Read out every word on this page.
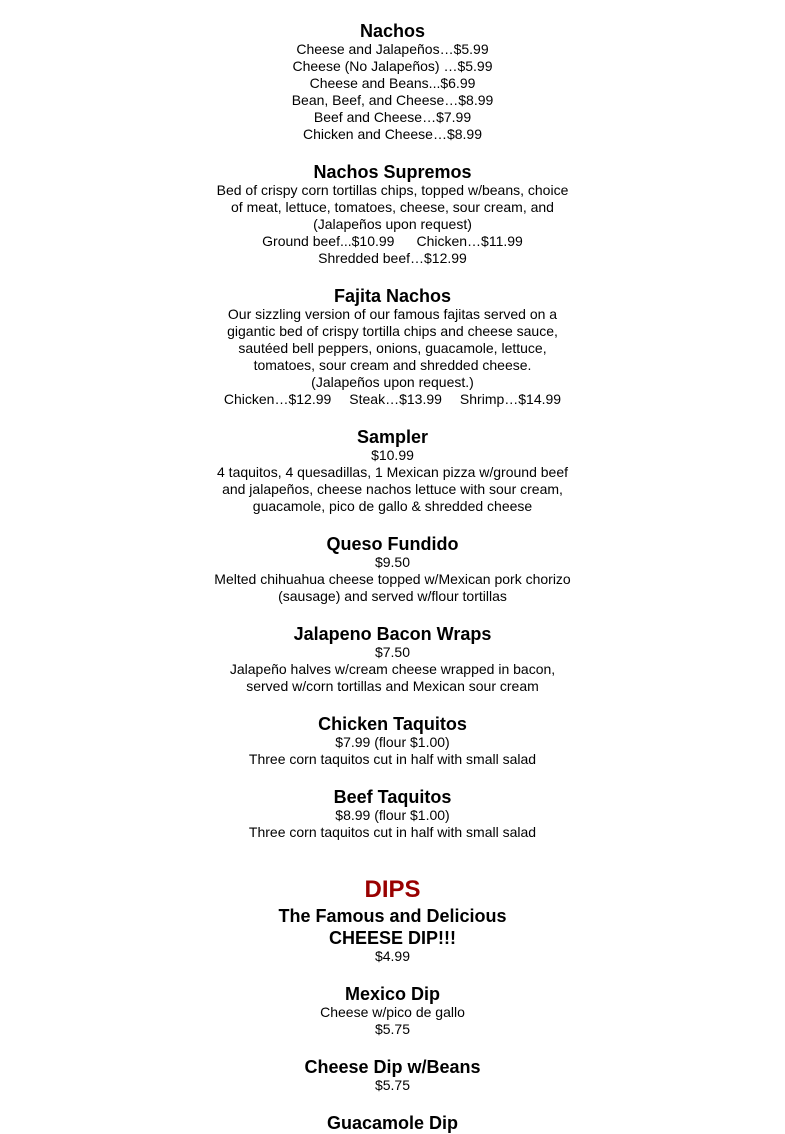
Nachos
Cheese and Jalapeños…$5.99
Cheese (No Jalapeños) …$5.99
Cheese and Beans...$6.99
Bean, Beef, and Cheese…$8.99
Beef and Cheese…$7.99
Chicken and Cheese…$8.99
Nachos Supremos
Bed of crispy corn tortillas chips, topped w/beans, choice
of meat, lettuce, tomatoes, cheese, sour cream, and
(Jalapeños upon request)
Ground beef...$10.99 Chicken…$11.99
Shredded beef…$12.99
Fajita Nachos
Our sizzling version of our famous fajitas served on a
gigantic bed of crispy tortilla chips and cheese sauce,
sautéed bell peppers, onions, guacamole, lettuce,
tomatoes, sour cream and shredded cheese.
(Jalapeños upon request.)
Chicken…$12.99 Steak…$13.99 Shrimp…$14.99
Sampler
$10.99
4 taquitos, 4 quesadillas, 1 Mexican pizza w/ground beef
and jalapeños, cheese nachos lettuce with sour cream,
guacamole, pico de gallo & shredded cheese
Queso Fundido
$9.50
Melted chihuahua cheese topped w/Mexican pork chorizo
(sausage) and served w/flour tortillas
Jalapeno Bacon Wraps
$7.50
Jalapeño halves w/cream cheese wrapped in bacon,
served w/corn tortillas and Mexican sour cream
Chicken Taquitos
$7.99 (flour $1.00)
Three corn taquitos cut in half with small salad
Beef Taquitos
$8.99 (flour $1.00)
Three corn taquitos cut in half with small salad
DIPS
The Famous and Delicious
CHEESE DIP!!!
$4.99
Mexico Dip
Cheese w/pico de gallo
$5.75
Cheese Dip w/Beans
$5.75
Guacamole Dip
